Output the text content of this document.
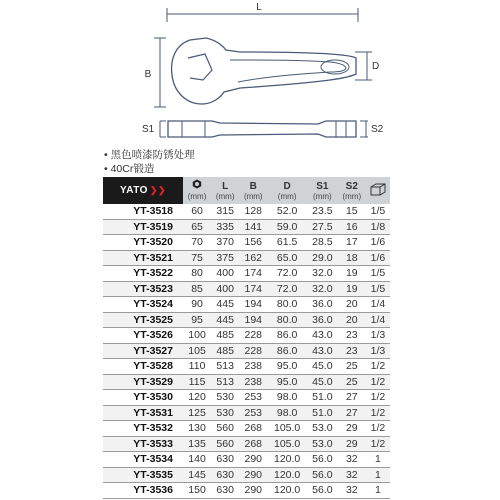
L
B
D
S1	S2
• 黑色喷漆防锈处理
• 40Cr锻造
YATO ❯❯		L	B	D	S1	S2	
	(mm)	(mm)	(mm)	(mm)	(mm)	(mm)	
YT-3518	60	315	128	52.0	23.5	15	1/5
YT-3519	65	335	141	59.0	27.5	16	1/8
YT-3520	70	370	156	61.5	28.5	17	1/6
YT-3521	75	375	162	65.0	29.0	18	1/6
YT-3522	80	400	174	72.0	32.0	19	1/5
YT-3523	85	400	174	72.0	32.0	19	1/5
YT-3524	90	445	194	80.0	36.0	20	1/4
YT-3525	95	445	194	80.0	36.0	20	1/4
YT-3526	100	485	228	86.0	43.0	23	1/3
YT-3527	105	485	228	86.0	43.0	23	1/3
YT-3528	110	513	238	95.0	45.0	25	1/2
YT-3529	115	513	238	95.0	45.0	25	1/2
YT-3530	120	530	253	98.0	51.0	27	1/2
YT-3531	125	530	253	98.0	51.0	27	1/2
YT-3532	130	560	268	105.0	53.0	29	1/2
YT-3533	135	560	268	105.0	53.0	29	1/2
YT-3534	140	630	290	120.0	56.0	32	1
YT-3535	145	630	290	120.0	56.0	32	1
YT-3536	150	630	290	120.0	56.0	32	1
